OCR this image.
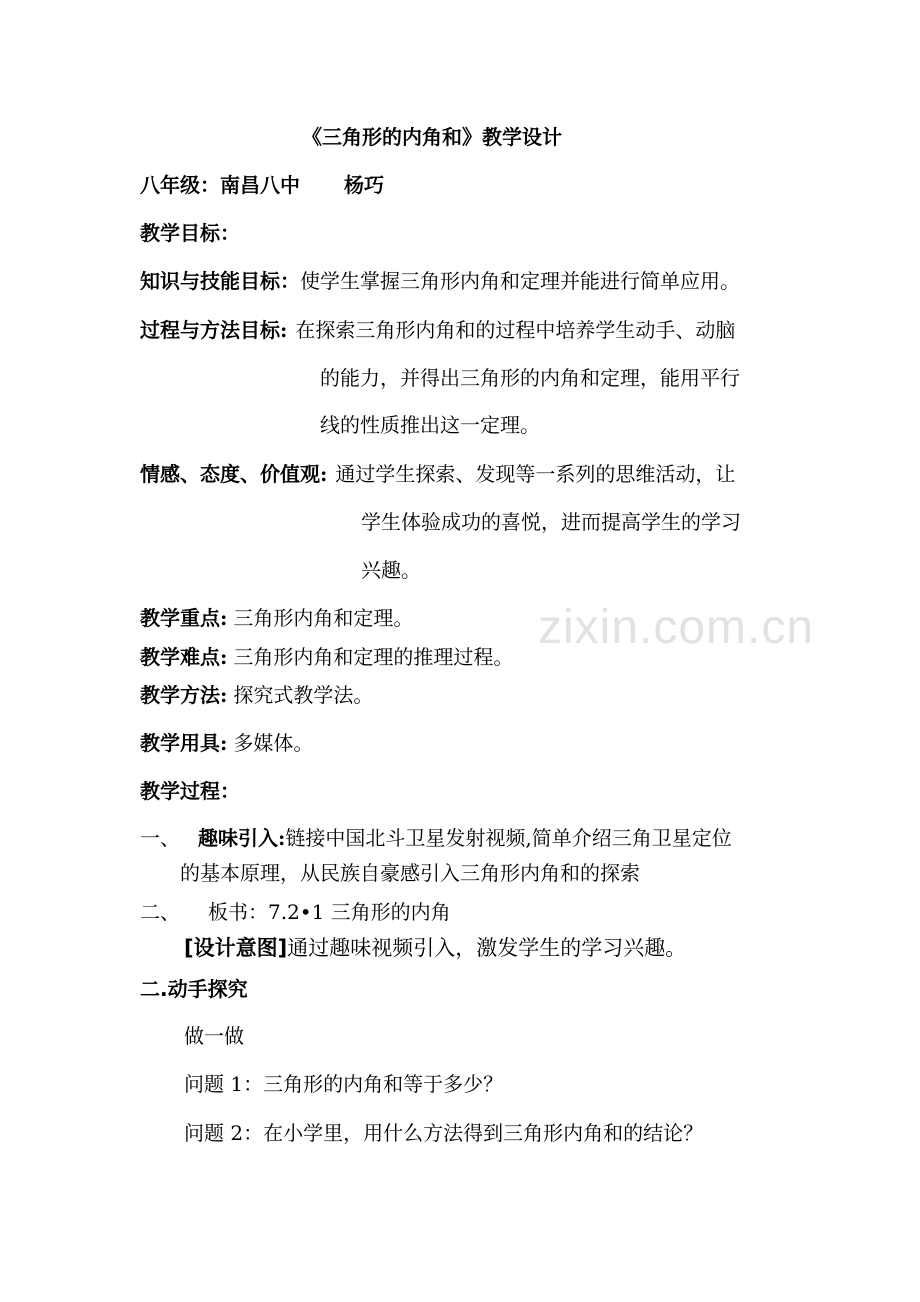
zixin.com.cn
《三角形的内角和》教学设计
八年级：南昌八中 杨巧
教学目标：
知识与技能目标：使学生掌握三角形内角和定理并能进行简单应用。
过程与方法目标: 在探索三角形内角和的过程中培养学生动手、动脑
的能力，并得出三角形的内角和定理，能用平行
线的性质推出这一定理。
情感、态度、价值观: 通过学生探索、发现等一系列的思维活动，让
学生体验成功的喜悦，进而提高学生的学习
兴趣。
教学重点: 三角形内角和定理。
教学难点: 三角形内角和定理的推理过程。
教学方法: 探究式教学法。
教学用具: 多媒体。
教学过程：
一、 趣味引入:链接中国北斗卫星发射视频,简单介绍三角卫星定位
的基本原理，从民族自豪感引入三角形内角和的探索
二、 板书：7.2•1 三角形的内角
[设计意图]通过趣味视频引入，激发学生的学习兴趣。
二.动手探究
做一做
问题 1：三角形的内角和等于多少？
问题 2：在小学里，用什么方法得到三角形内角和的结论？
